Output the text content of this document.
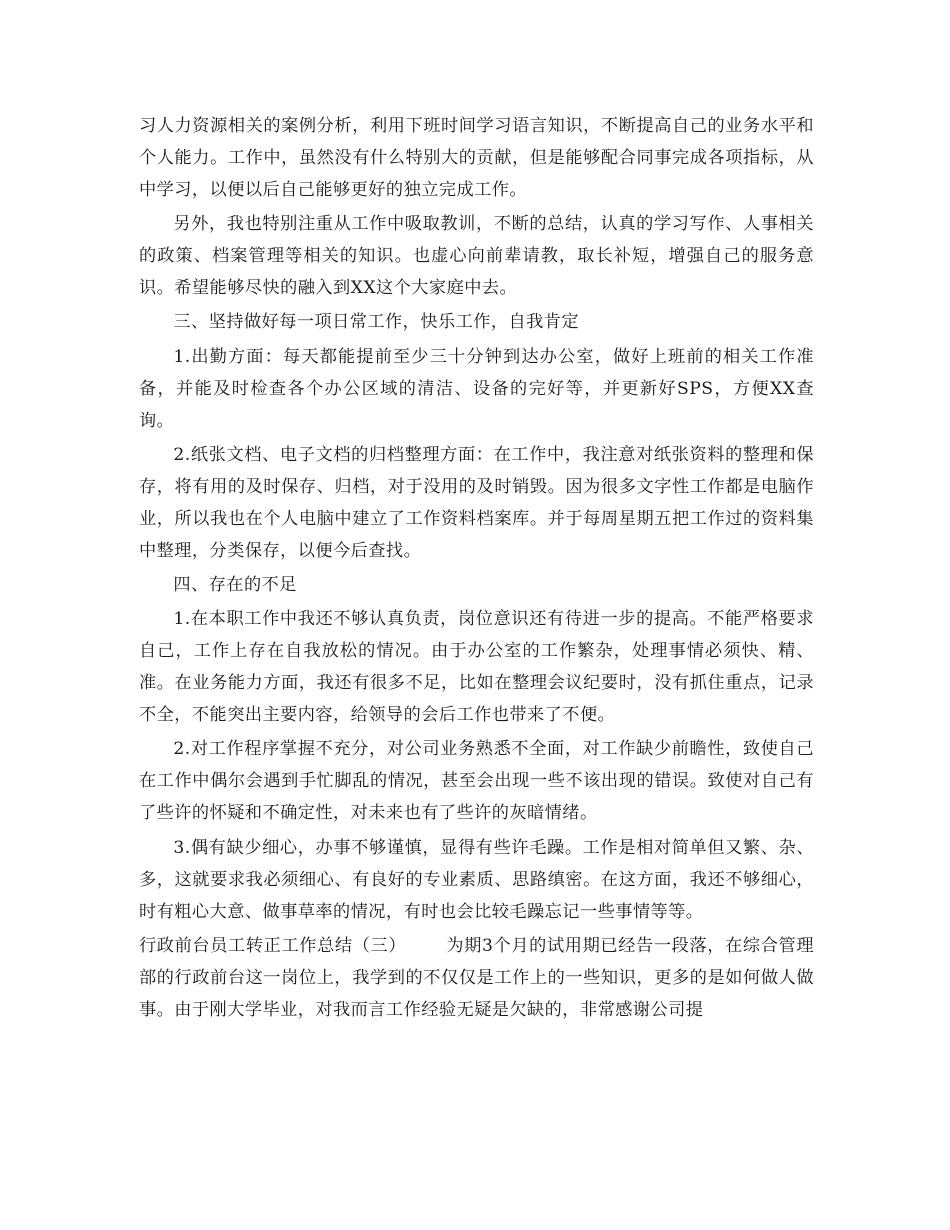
习人力资源相关的案例分析，利用下班时间学习语言知识，不断提高自己的业务水平和个人能力。工作中，虽然没有什么特别大的贡献，但是能够配合同事完成各项指标，从中学习，以便以后自己能够更好的独立完成工作。

另外，我也特别注重从工作中吸取教训，不断的总结，认真的学习写作、人事相关的政策、档案管理等相关的知识。也虚心向前辈请教，取长补短，增强自己的服务意识。希望能够尽快的融入到XX这个大家庭中去。

三、坚持做好每一项日常工作，快乐工作，自我肯定

1.出勤方面：每天都能提前至少三十分钟到达办公室，做好上班前的相关工作准备，并能及时检查各个办公区域的清洁、设备的完好等，并更新好SPS，方便XX查询。

2.纸张文档、电子文档的归档整理方面：在工作中，我注意对纸张资料的整理和保存，将有用的及时保存、归档，对于没用的及时销毁。因为很多文字性工作都是电脑作业，所以我也在个人电脑中建立了工作资料档案库。并于每周星期五把工作过的资料集中整理，分类保存，以便今后查找。

四、存在的不足

1.在本职工作中我还不够认真负责，岗位意识还有待进一步的提高。不能严格要求自己，工作上存在自我放松的情况。由于办公室的工作繁杂，处理事情必须快、精、准。在业务能力方面，我还有很多不足，比如在整理会议纪要时，没有抓住重点，记录不全，不能突出主要内容，给领导的会后工作也带来了不便。

2.对工作程序掌握不充分，对公司业务熟悉不全面，对工作缺少前瞻性，致使自己在工作中偶尔会遇到手忙脚乱的情况，甚至会出现一些不该出现的错误。致使对自己有了些许的怀疑和不确定性，对未来也有了些许的灰暗情绪。

3.偶有缺少细心，办事不够谨慎，显得有些许毛躁。工作是相对简单但又繁、杂、多，这就要求我必须细心、有良好的专业素质、思路缜密。在这方面，我还不够细心，时有粗心大意、做事草率的情况，有时也会比较毛躁忘记一些事情等等。

行政前台员工转正工作总结（三） 为期3个月的试用期已经告一段落，在综合管理部的行政前台这一岗位上，我学到的不仅仅是工作上的一些知识，更多的是如何做人做事。由于刚大学毕业，对我而言工作经验无疑是欠缺的，非常感谢公司提
